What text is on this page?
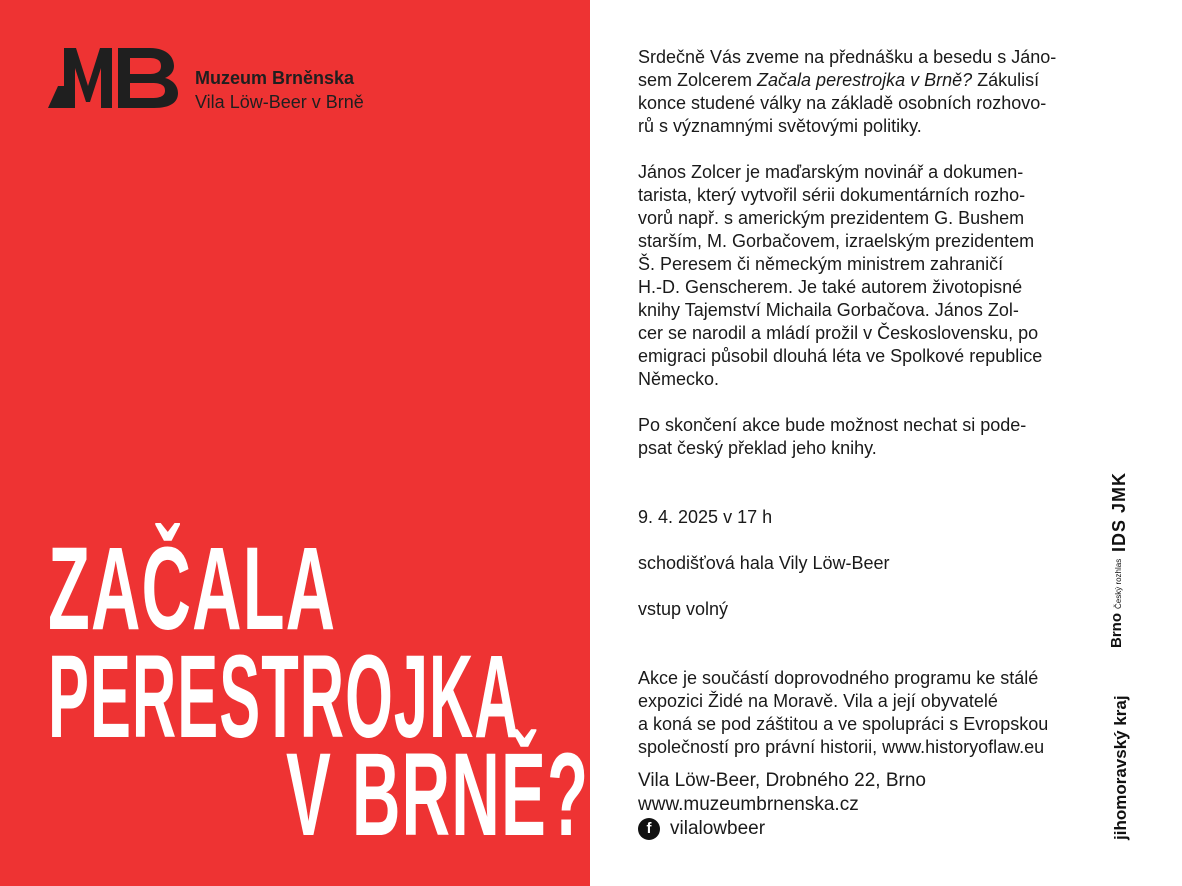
Muzeum Brněnska
Vila Löw-Beer v Brně
ZAČALA
PERESTROJKA
V BRNĚ?

Srdečně Vás zveme na přednášku a besedu s Jáno-
sem Zolcerem Začala perestrojka v Brně? Zákulisí
konce studené války na základě osobních rozhovo-
rů s významnými světovými politiky.

János Zolcer je maďarským novinář a dokumen-
tarista, který vytvořil sérii dokumentárních rozho-
vorů např. s americkým prezidentem G. Bushem
starším, M. Gorbačovem, izraelským prezidentem
Š. Peresem či německým ministrem zahraničí
H.-D. Genscherem. Je také autorem životopisné
knihy Tajemství Michaila Gorbačova. János Zol-
cer se narodil a mládí prožil v Československu, po
emigraci působil dlouhá léta ve Spolkové republice
Německo.

Po skončení akce bude možnost nechat si pode-
psat český překlad jeho knihy.

9. 4. 2025 v 17 h

schodišťová hala Vily Löw-Beer

vstup volný

Akce je součástí doprovodného programu ke stálé
expozici Židé na Moravě. Vila a její obyvatelé
a koná se pod záštitou a ve spolupráci s Evropskou
společností pro právní historii, www.historyoflaw.eu

Vila Löw-Beer, Drobného 22, Brno
www.muzeumbrnenska.cz
f vilalowbeer
IDS JMK
BrnoČeský rozhlas
jihomoravský kraj
